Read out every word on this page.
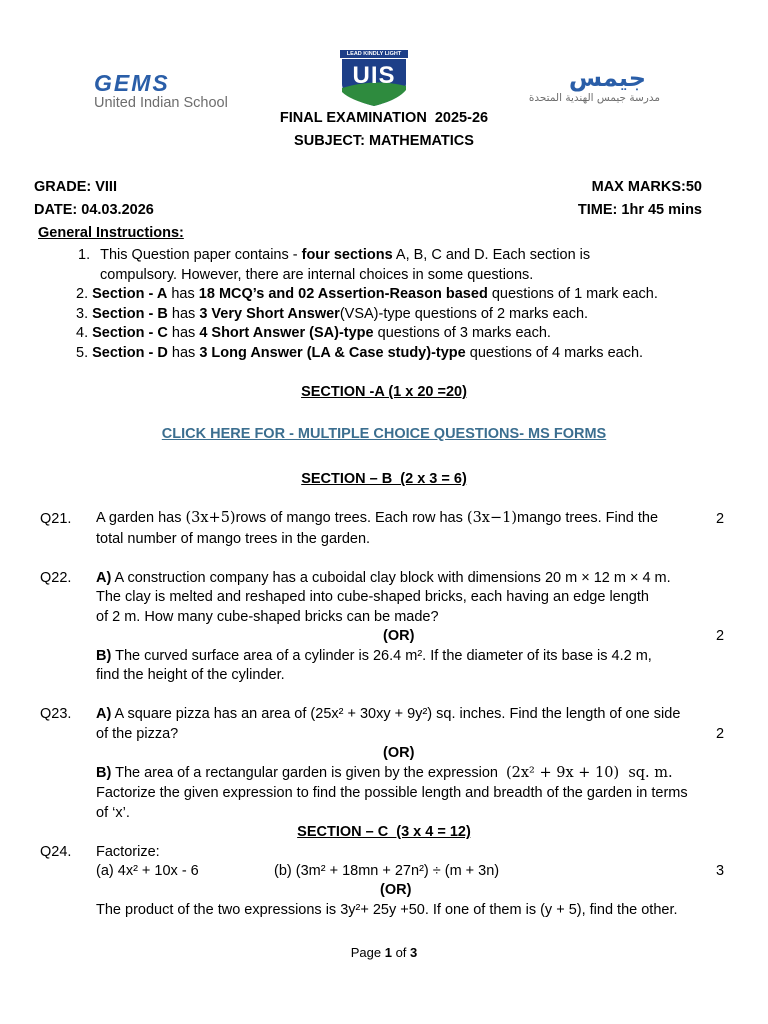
GEMS
United Indian School
LEAD KINDLY LIGHT
UIS	جيمس
مدرسة جيمس الهندية المتحدة
FINAL EXAMINATION  2025-26
SUBJECT: MATHEMATICS
GRADE: VIII	MAX MARKS:50
DATE: 04.03.2026	TIME: 1hr 45 mins
General Instructions:
1. This Question paper contains - four sections A, B, C and D. Each section is
compulsory. However, there are internal choices in some questions.
2. Section - A has 18 MCQ’s and 02 Assertion-Reason based questions of 1 mark each.
3. Section - B has 3 Very Short Answer(VSA)-type questions of 2 marks each.
4. Section - C has 4 Short Answer (SA)-type questions of 3 marks each.
5. Section - D has 3 Long Answer (LA & Case study)-type questions of 4 marks each.
SECTION -A (1 x 20 =20)
CLICK HERE FOR - MULTIPLE CHOICE QUESTIONS- MS FORMS
SECTION – B  (2 x 3 = 6)
Q21. A garden has (3x+5)rows of mango trees. Each row has (3x−1)mango trees. Find the
total number of mango trees in the garden.
2
Q22. A) A construction company has a cuboidal clay block with dimensions 20 m × 12 m × 4 m.
The clay is melted and reshaped into cube-shaped bricks, each having an edge length
of 2 m. How many cube-shaped bricks can be made?
(OR)	2
B) The curved surface area of a cylinder is 26.4 m². If the diameter of its base is 4.2 m,
find the height of the cylinder.
Q23. A) A square pizza has an area of (25x² + 30xy + 9y²) sq. inches. Find the length of one side
of the pizza?	2
(OR)
B) The area of a rectangular garden is given by the expression (2x² + 9x + 10)  sq. m.
Factorize the given expression to find the possible length and breadth of the garden in terms
of ‘x’.
SECTION – C  (3 x 4 = 12)
Q24. Factorize:
(a) 4x² + 10x - 6	(b) (3m² + 18mn + 27n²) ÷ (m + 3n)	3
(OR)
The product of the two expressions is 3y²+ 25y +50. If one of them is (y + 5), find the other.
Page 1 of 3
